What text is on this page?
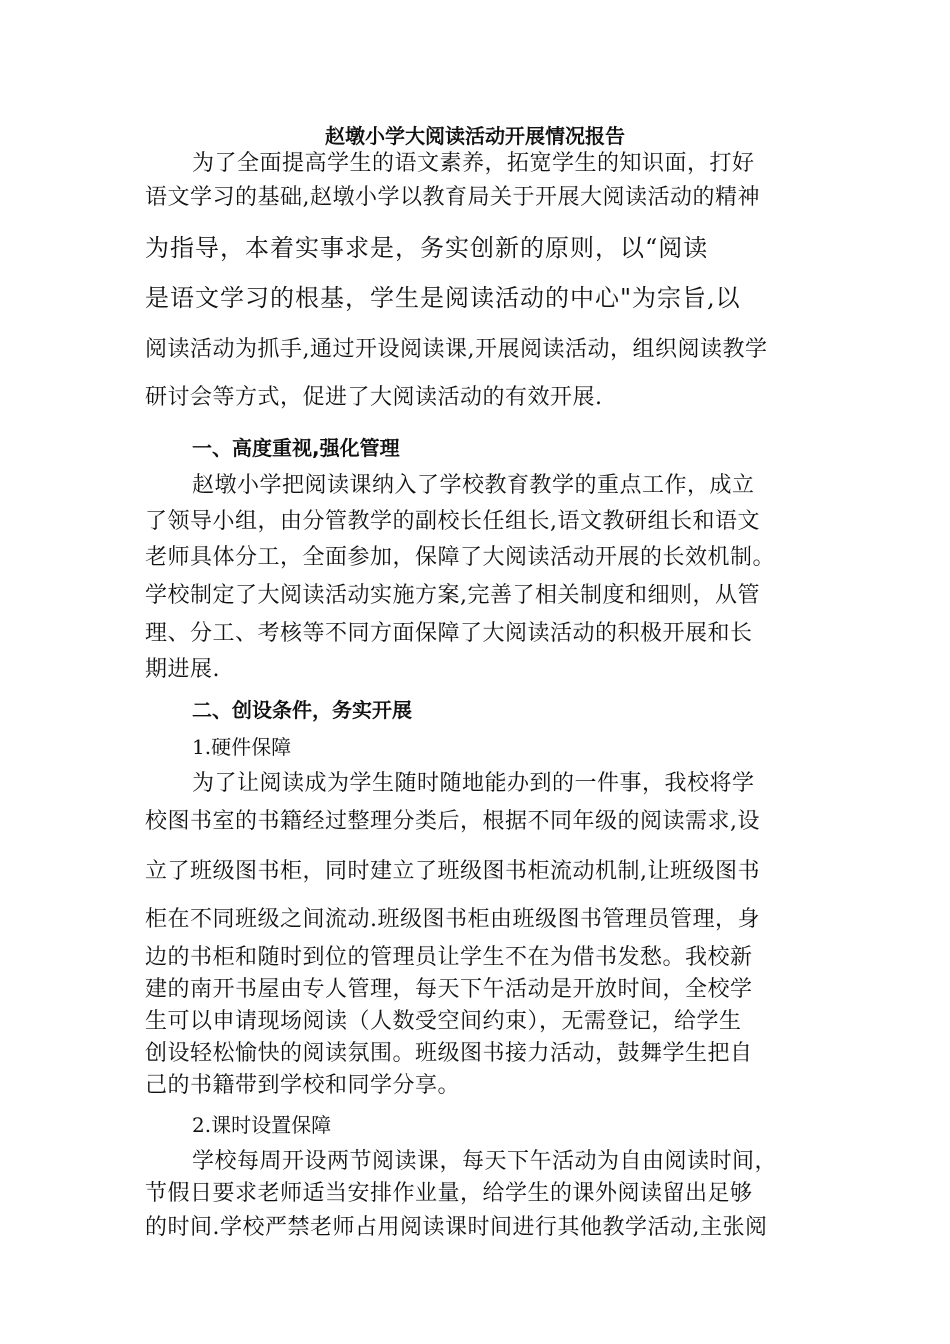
赵墩小学大阅读活动开展情况报告
为了全面提高学生的语文素养，拓宽学生的知识面，打好
语文学习的基础,赵墩小学以教育局关于开展大阅读活动的精神
为指导，本着实事求是，务实创新的原则，以“阅读
是语文学习的根基，学生是阅读活动的中心"为宗旨,以
阅读活动为抓手,通过开设阅读课,开展阅读活动，组织阅读教学
研讨会等方式，促进了大阅读活动的有效开展.
一、高度重视,强化管理
赵墩小学把阅读课纳入了学校教育教学的重点工作，成立
了领导小组，由分管教学的副校长任组长,语文教研组长和语文
老师具体分工，全面参加，保障了大阅读活动开展的长效机制。
学校制定了大阅读活动实施方案,完善了相关制度和细则，从管
理、分工、考核等不同方面保障了大阅读活动的积极开展和长
期进展.
二、创设条件，务实开展
1.硬件保障
为了让阅读成为学生随时随地能办到的一件事，我校将学
校图书室的书籍经过整理分类后，根据不同年级的阅读需求,设
立了班级图书柜，同时建立了班级图书柜流动机制,让班级图书
柜在不同班级之间流动.班级图书柜由班级图书管理员管理，身
边的书柜和随时到位的管理员让学生不在为借书发愁。我校新
建的南开书屋由专人管理，每天下午活动是开放时间，全校学
生可以申请现场阅读（人数受空间约束），无需登记，给学生
创设轻松愉快的阅读氛围。班级图书接力活动，鼓舞学生把自
己的书籍带到学校和同学分享。
2.课时设置保障
学校每周开设两节阅读课，每天下午活动为自由阅读时间，
节假日要求老师适当安排作业量，给学生的课外阅读留出足够
的时间.学校严禁老师占用阅读课时间进行其他教学活动,主张阅
